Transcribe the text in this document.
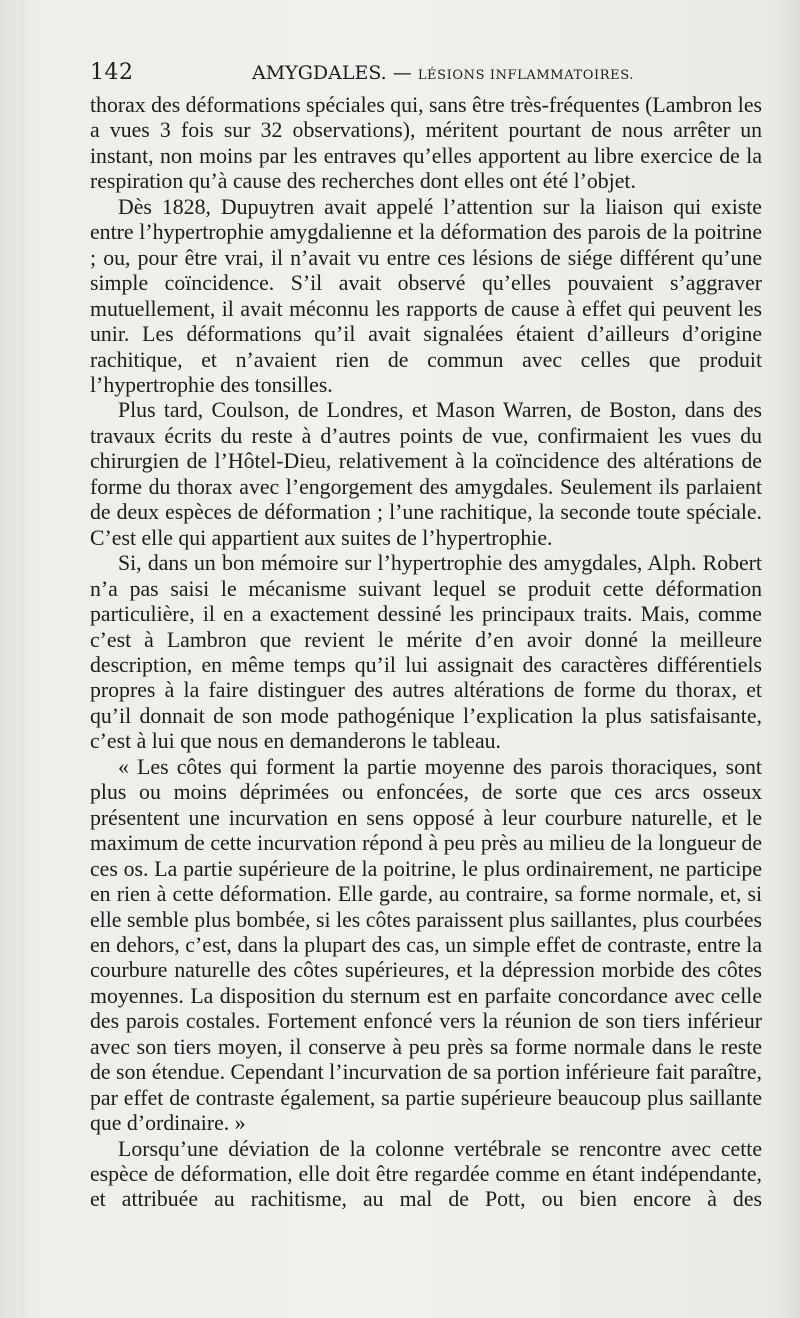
142	AMYGDALES. — LÉSIONS INFLAMMATOIRES.

thorax des déformations spéciales qui, sans être très-fréquentes (Lambron les a vues 3 fois sur 32 observations), méritent pourtant de nous arrêter un instant, non moins par les entraves qu’elles apportent au libre exercice de la respiration qu’à cause des recherches dont elles ont été l’objet.

Dès 1828, Dupuytren avait appelé l’attention sur la liaison qui existe entre l’hypertrophie amygdalienne et la déformation des parois de la poitrine ; ou, pour être vrai, il n’avait vu entre ces lésions de siége différent qu’une simple coïncidence. S’il avait observé qu’elles pouvaient s’aggraver mutuellement, il avait méconnu les rapports de cause à effet qui peuvent les unir. Les déformations qu’il avait signalées étaient d’ailleurs d’origine rachitique, et n’avaient rien de commun avec celles que produit l’hypertrophie des tonsilles.

Plus tard, Coulson, de Londres, et Mason Warren, de Boston, dans des travaux écrits du reste à d’autres points de vue, confirmaient les vues du chirurgien de l’Hôtel-Dieu, relativement à la coïncidence des altérations de forme du thorax avec l’engorgement des amygdales. Seulement ils parlaient de deux espèces de déformation ; l’une rachitique, la seconde toute spéciale. C’est elle qui appartient aux suites de l’hypertrophie.

Si, dans un bon mémoire sur l’hypertrophie des amygdales, Alph. Robert n’a pas saisi le mécanisme suivant lequel se produit cette déformation particulière, il en a exactement dessiné les principaux traits. Mais, comme c’est à Lambron que revient le mérite d’en avoir donné la meilleure description, en même temps qu’il lui assignait des caractères différentiels propres à la faire distinguer des autres altérations de forme du thorax, et qu’il donnait de son mode pathogénique l’explication la plus satisfaisante, c’est à lui que nous en demanderons le tableau.

« Les côtes qui forment la partie moyenne des parois thoraciques, sont plus ou moins déprimées ou enfoncées, de sorte que ces arcs osseux présentent une incurvation en sens opposé à leur courbure naturelle, et le maximum de cette incurvation répond à peu près au milieu de la longueur de ces os. La partie supérieure de la poitrine, le plus ordinairement, ne participe en rien à cette déformation. Elle garde, au contraire, sa forme normale, et, si elle semble plus bombée, si les côtes paraissent plus saillantes, plus courbées en dehors, c’est, dans la plupart des cas, un simple effet de contraste, entre la courbure naturelle des côtes supérieures, et la dépression morbide des côtes moyennes. La disposition du sternum est en parfaite concordance avec celle des parois costales. Fortement enfoncé vers la réunion de son tiers inférieur avec son tiers moyen, il conserve à peu près sa forme normale dans le reste de son étendue. Cependant l’incurvation de sa portion inférieure fait paraître, par effet de contraste également, sa partie supérieure beaucoup plus saillante que d’ordinaire. »

Lorsqu’une déviation de la colonne vertébrale se rencontre avec cette espèce de déformation, elle doit être regardée comme en étant indépendante, et attribuée au rachitisme, au mal de Pott, ou bien encore à des
